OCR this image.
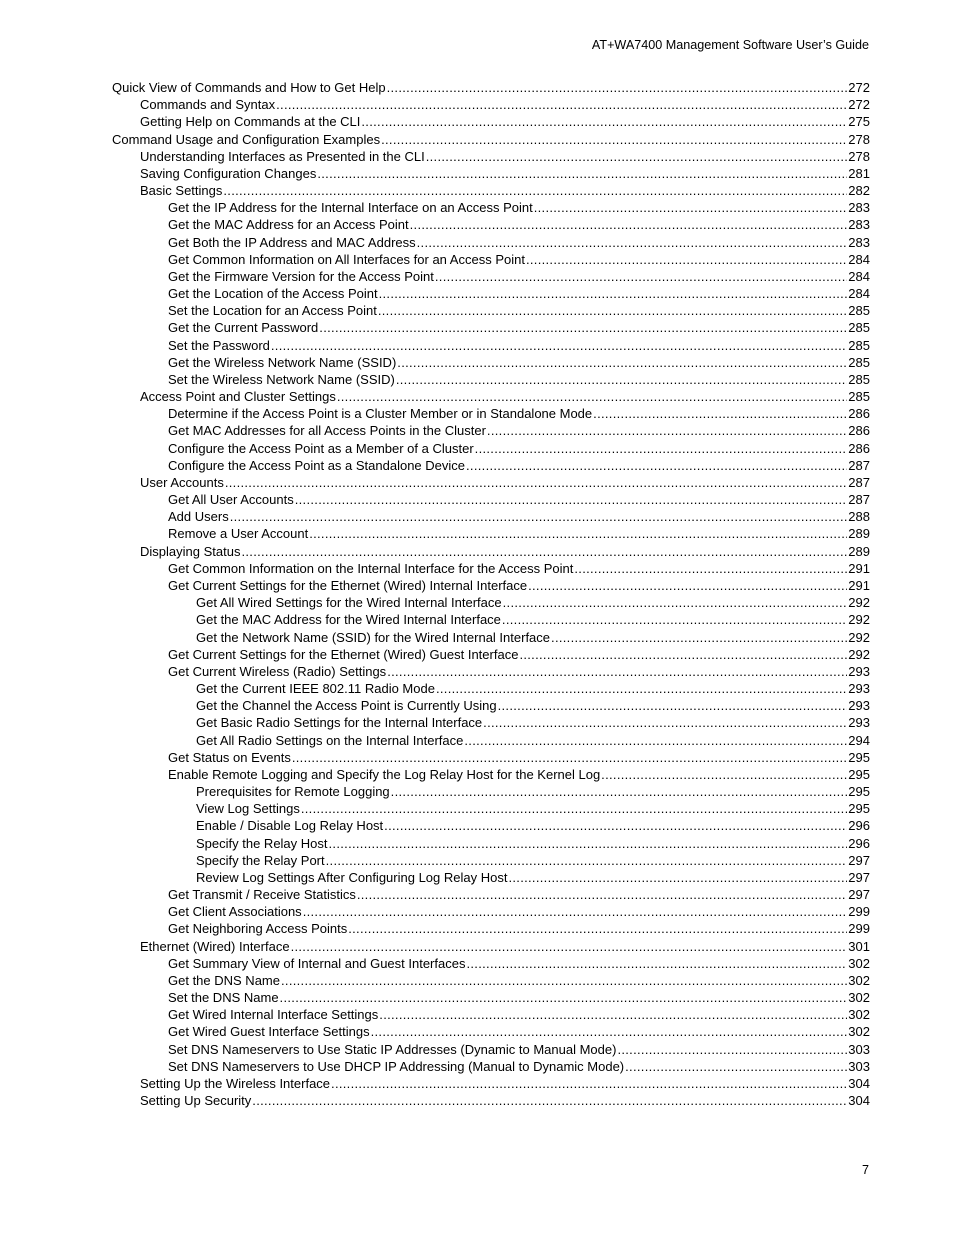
AT+WA7400 Management Software User’s Guide
Quick View of Commands and How to Get Help .....	272
Commands and Syntax .....	272
Getting Help on Commands at the CLI .....	275
Command Usage and Configuration Examples .....	278
Understanding Interfaces as Presented in the CLI .....	278
Saving Configuration Changes .....	281
Basic Settings .....	282
Get the IP Address for the Internal Interface on an Access Point .....	283
Get the MAC Address for an Access Point .....	283
Get Both the IP Address and MAC Address .....	283
Get Common Information on All Interfaces for an Access Point .....	284
Get the Firmware Version for the Access Point .....	284
Get the Location of the Access Point .....	284
Set the Location for an Access Point .....	285
Get the Current Password .....	285
Set the Password .....	285
Get the Wireless Network Name (SSID) .....	285
Set the Wireless Network Name (SSID) .....	285
Access Point and Cluster Settings .....	285
Determine if the Access Point is a Cluster Member or in Standalone Mode .....	286
Get MAC Addresses for all Access Points in the Cluster .....	286
Configure the Access Point as a Member of a Cluster .....	286
Configure the Access Point as a Standalone Device .....	287
User Accounts .....	287
Get All User Accounts .....	287
Add Users .....	288
Remove a User Account .....	289
Displaying Status .....	289
Get Common Information on the Internal Interface for the Access Point .....	291
Get Current Settings for the Ethernet (Wired) Internal Interface .....	291
Get All Wired Settings for the Wired Internal Interface .....	292
Get the MAC Address for the Wired Internal Interface .....	292
Get the Network Name (SSID) for the Wired Internal Interface .....	292
Get Current Settings for the Ethernet (Wired) Guest Interface .....	292
Get Current Wireless (Radio) Settings .....	293
Get the Current IEEE 802.11 Radio Mode .....	293
Get the Channel the Access Point is Currently Using .....	293
Get Basic Radio Settings for the Internal Interface .....	293
Get All Radio Settings on the Internal Interface .....	294
Get Status on Events .....	295
Enable Remote Logging and Specify the Log Relay Host for the Kernel Log .....	295
Prerequisites for Remote Logging .....	295
View Log Settings .....	295
Enable / Disable Log Relay Host .....	296
Specify the Relay Host .....	296
Specify the Relay Port .....	297
Review Log Settings After Configuring Log Relay Host .....	297
Get Transmit / Receive Statistics .....	297
Get Client Associations .....	299
Get Neighboring Access Points .....	299
Ethernet (Wired) Interface .....	301
Get Summary View of Internal and Guest Interfaces .....	302
Get the DNS Name .....	302
Set the DNS Name .....	302
Get Wired Internal Interface Settings .....	302
Get Wired Guest Interface Settings .....	302
Set DNS Nameservers to Use Static IP Addresses (Dynamic to Manual Mode) .....	303
Set DNS Nameservers to Use DHCP IP Addressing (Manual to Dynamic Mode) .....	303
Setting Up the Wireless Interface .....	304
Setting Up Security .....	304
7
